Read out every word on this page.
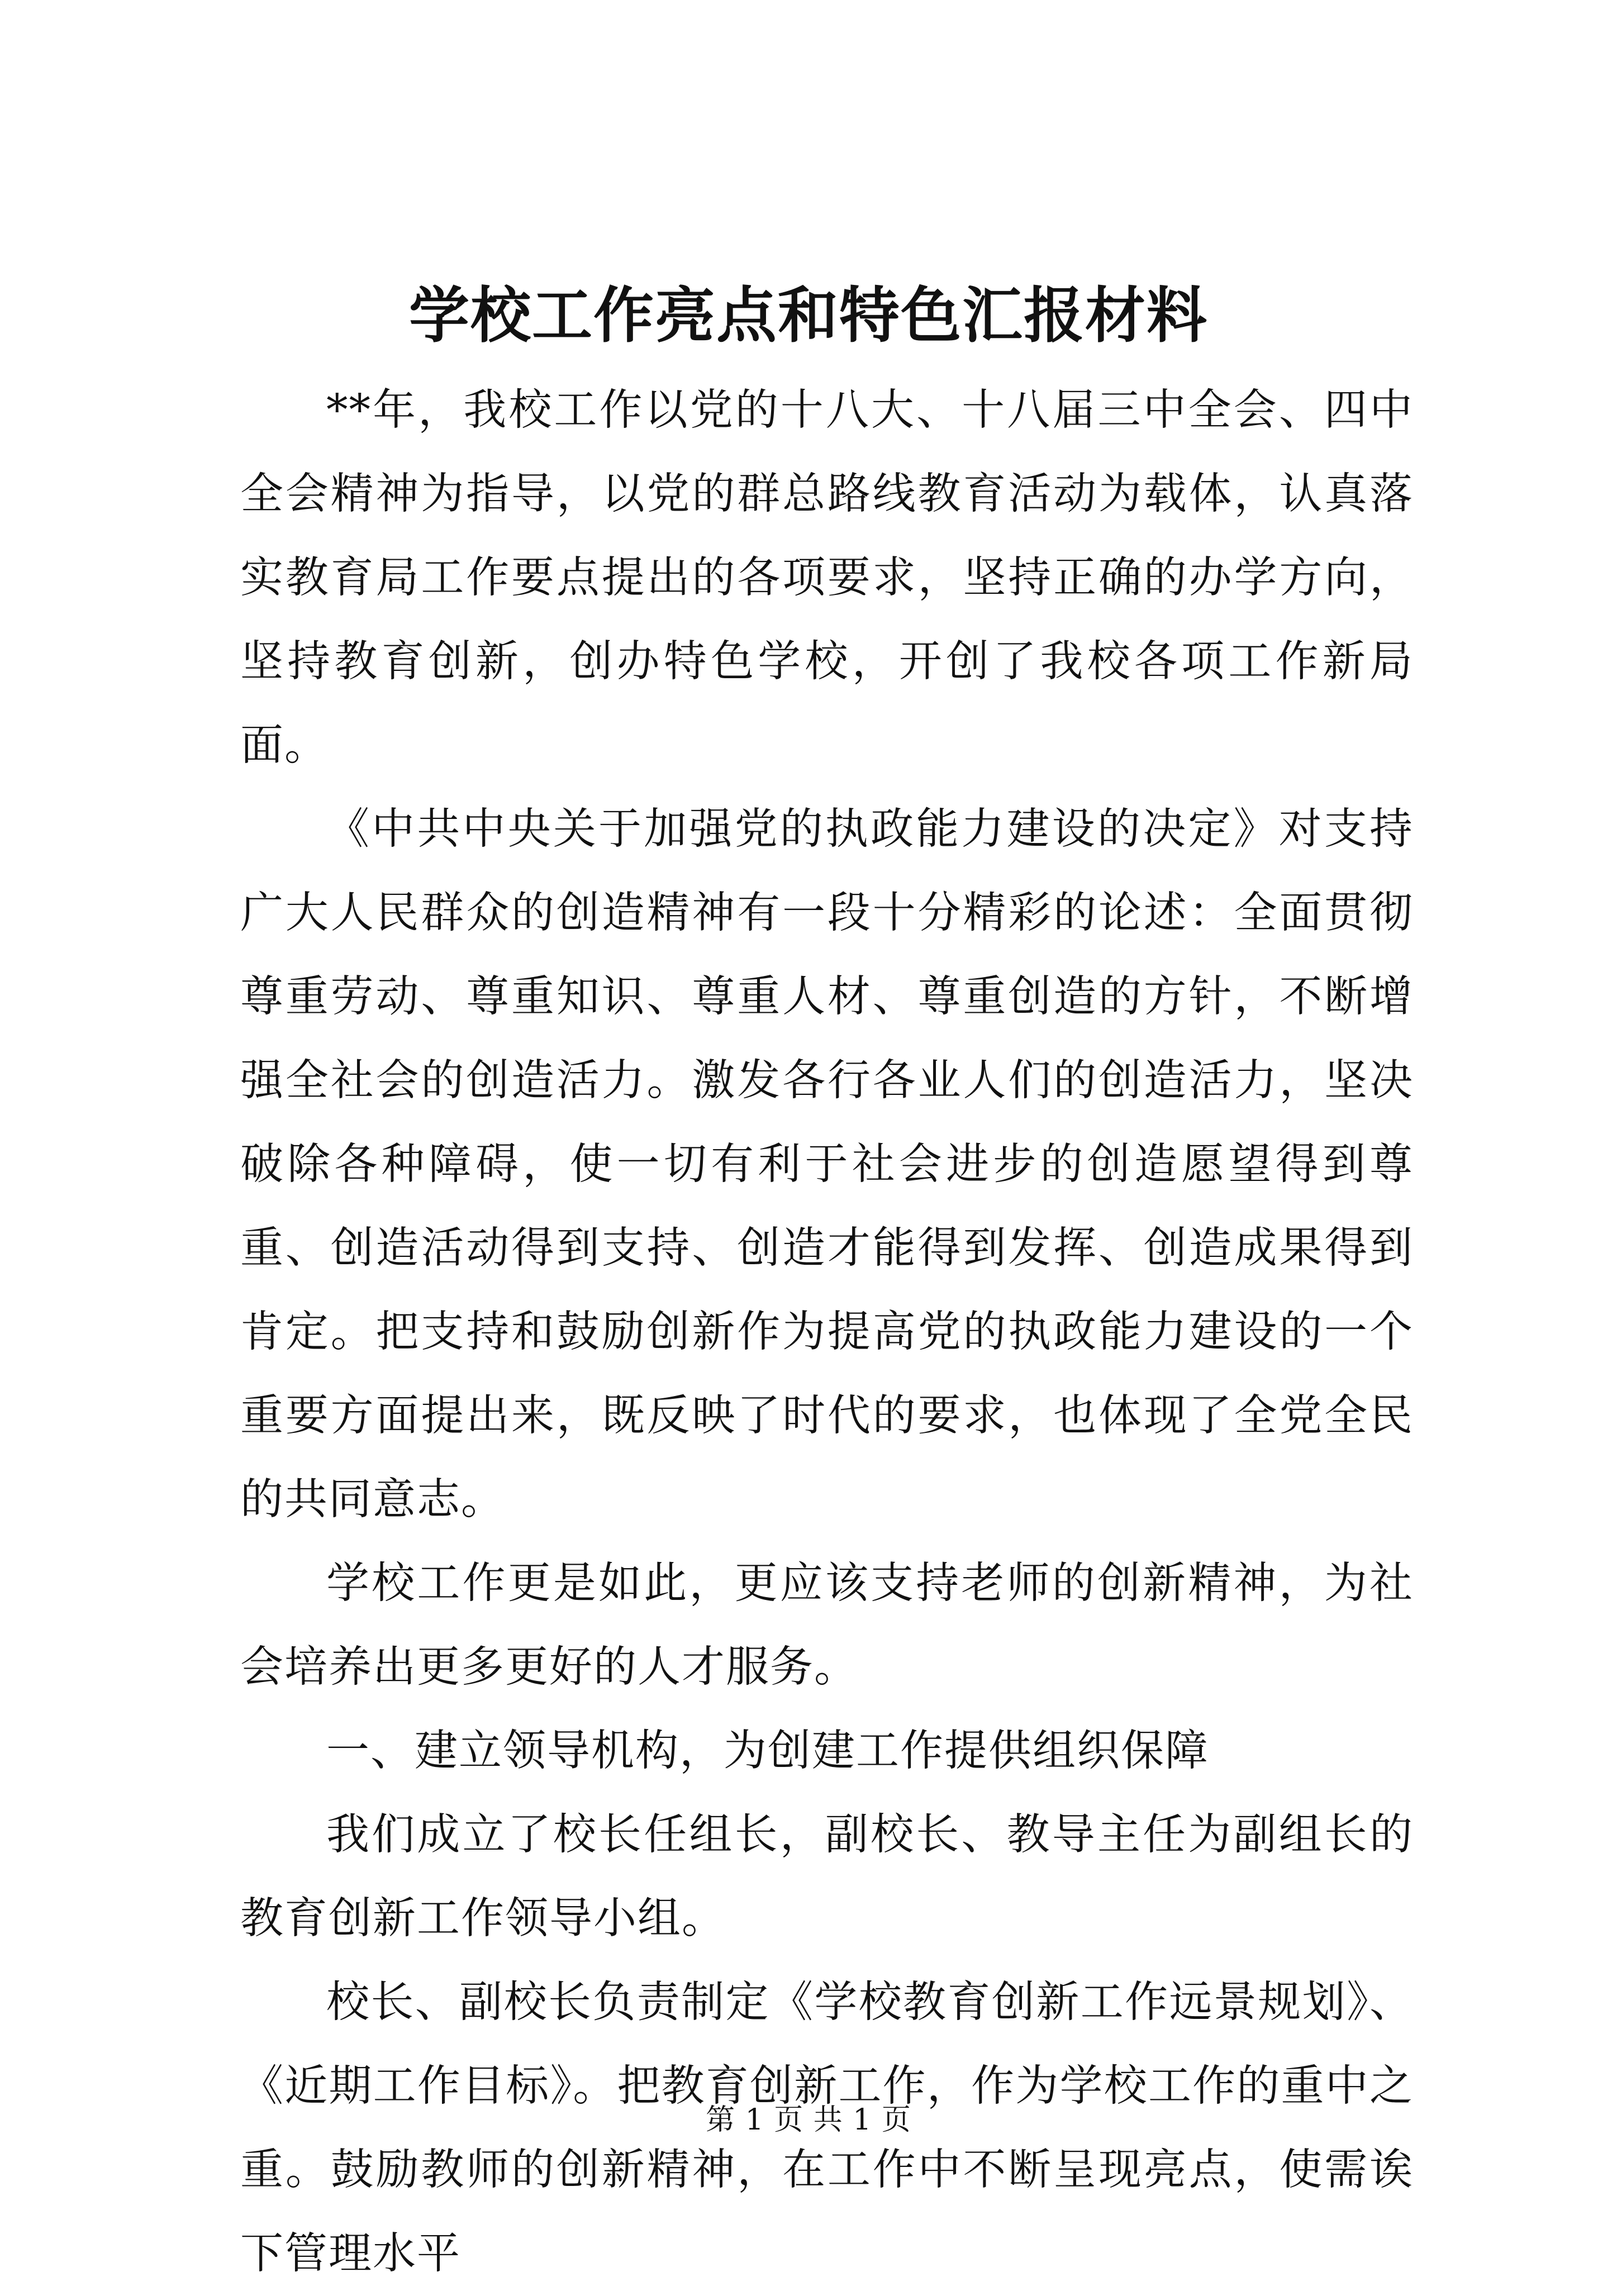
学校工作亮点和特色汇报材料

**年，我校工作以党的十八大、十八届三中全会、四中全会精神为指导，以党的群总路线教育活动为载体，认真落实教育局工作要点提出的各项要求，坚持正确的办学方向，坚持教育创新，创办特色学校，开创了我校各项工作新局面。

《中共中央关于加强党的执政能力建设的决定》对支持广大人民群众的创造精神有一段十分精彩的论述：全面贯彻尊重劳动、尊重知识、尊重人材、尊重创造的方针，不断增强全社会的创造活力。激发各行各业人们的创造活力，坚决破除各种障碍，使一切有利于社会进步的创造愿望得到尊重、创造活动得到支持、创造才能得到发挥、创造成果得到肯定。把支持和鼓励创新作为提高党的执政能力建设的一个重要方面提出来，既反映了时代的要求，也体现了全党全民的共同意志。

学校工作更是如此，更应该支持老师的创新精神，为社会培养出更多更好的人才服务。

一、建立领导机构，为创建工作提供组织保障

我们成立了校长任组长，副校长、教导主任为副组长的教育创新工作领导小组。

校长、副校长负责制定《学校教育创新工作远景规划》、《近期工作目标》。把教育创新工作，作为学校工作的重中之重。鼓励教师的创新精神，在工作中不断呈现亮点，使需诶下管理水平

第 1 页 共 1 页
